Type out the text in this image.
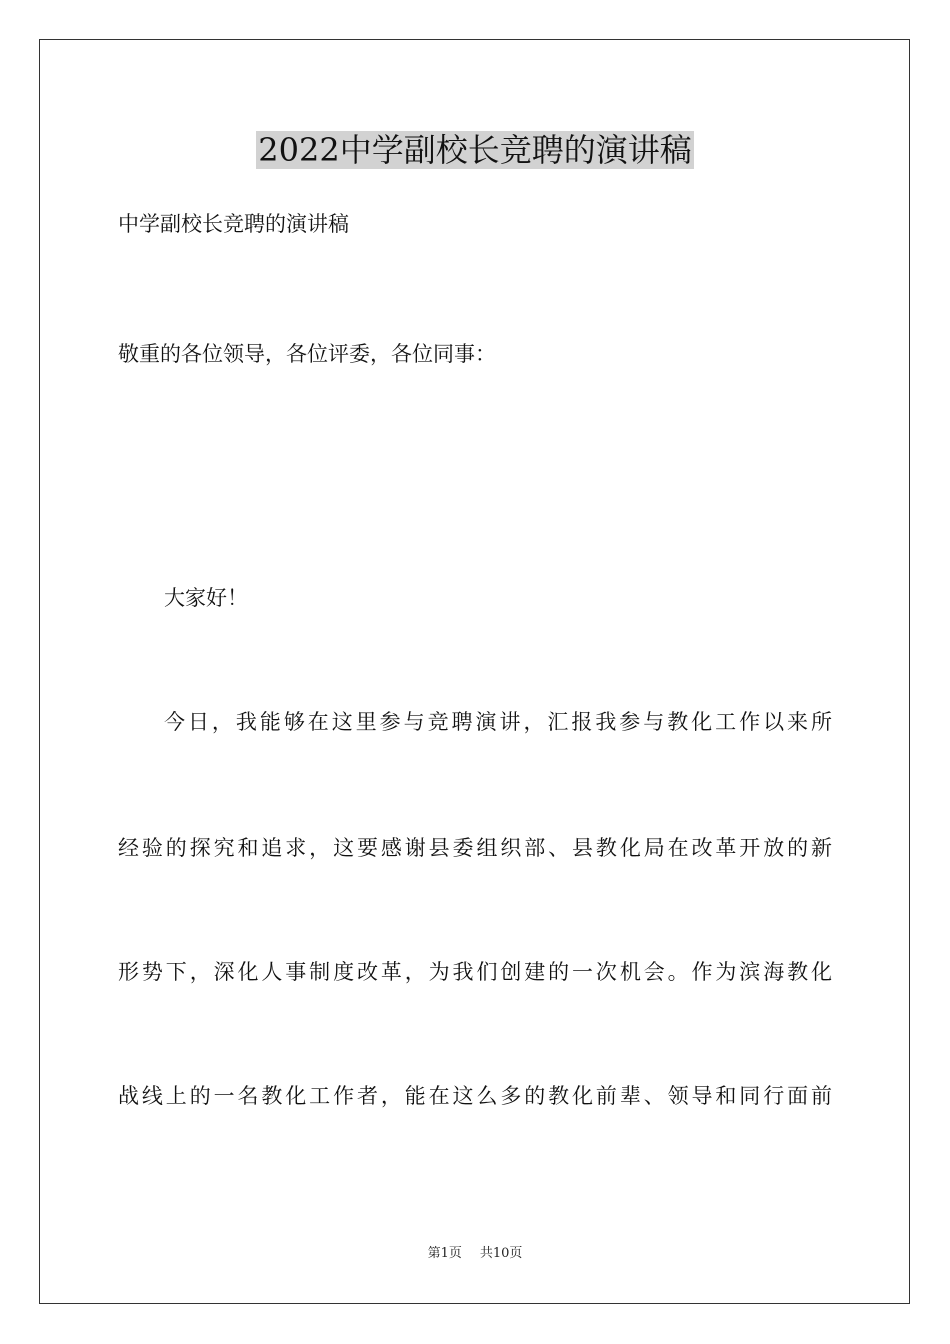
2022中学副校长竞聘的演讲稿
中学副校长竞聘的演讲稿
敬重的各位领导，各位评委，各位同事：
大家好！
今日，我能够在这里参与竞聘演讲，汇报我参与教化工作以来所
经验的探究和追求，这要感谢县委组织部、县教化局在改革开放的新
形势下，深化人事制度改革，为我们创建的一次机会。作为滨海教化
战线上的一名教化工作者，能在这么多的教化前辈、领导和同行面前
第1页 共10页
